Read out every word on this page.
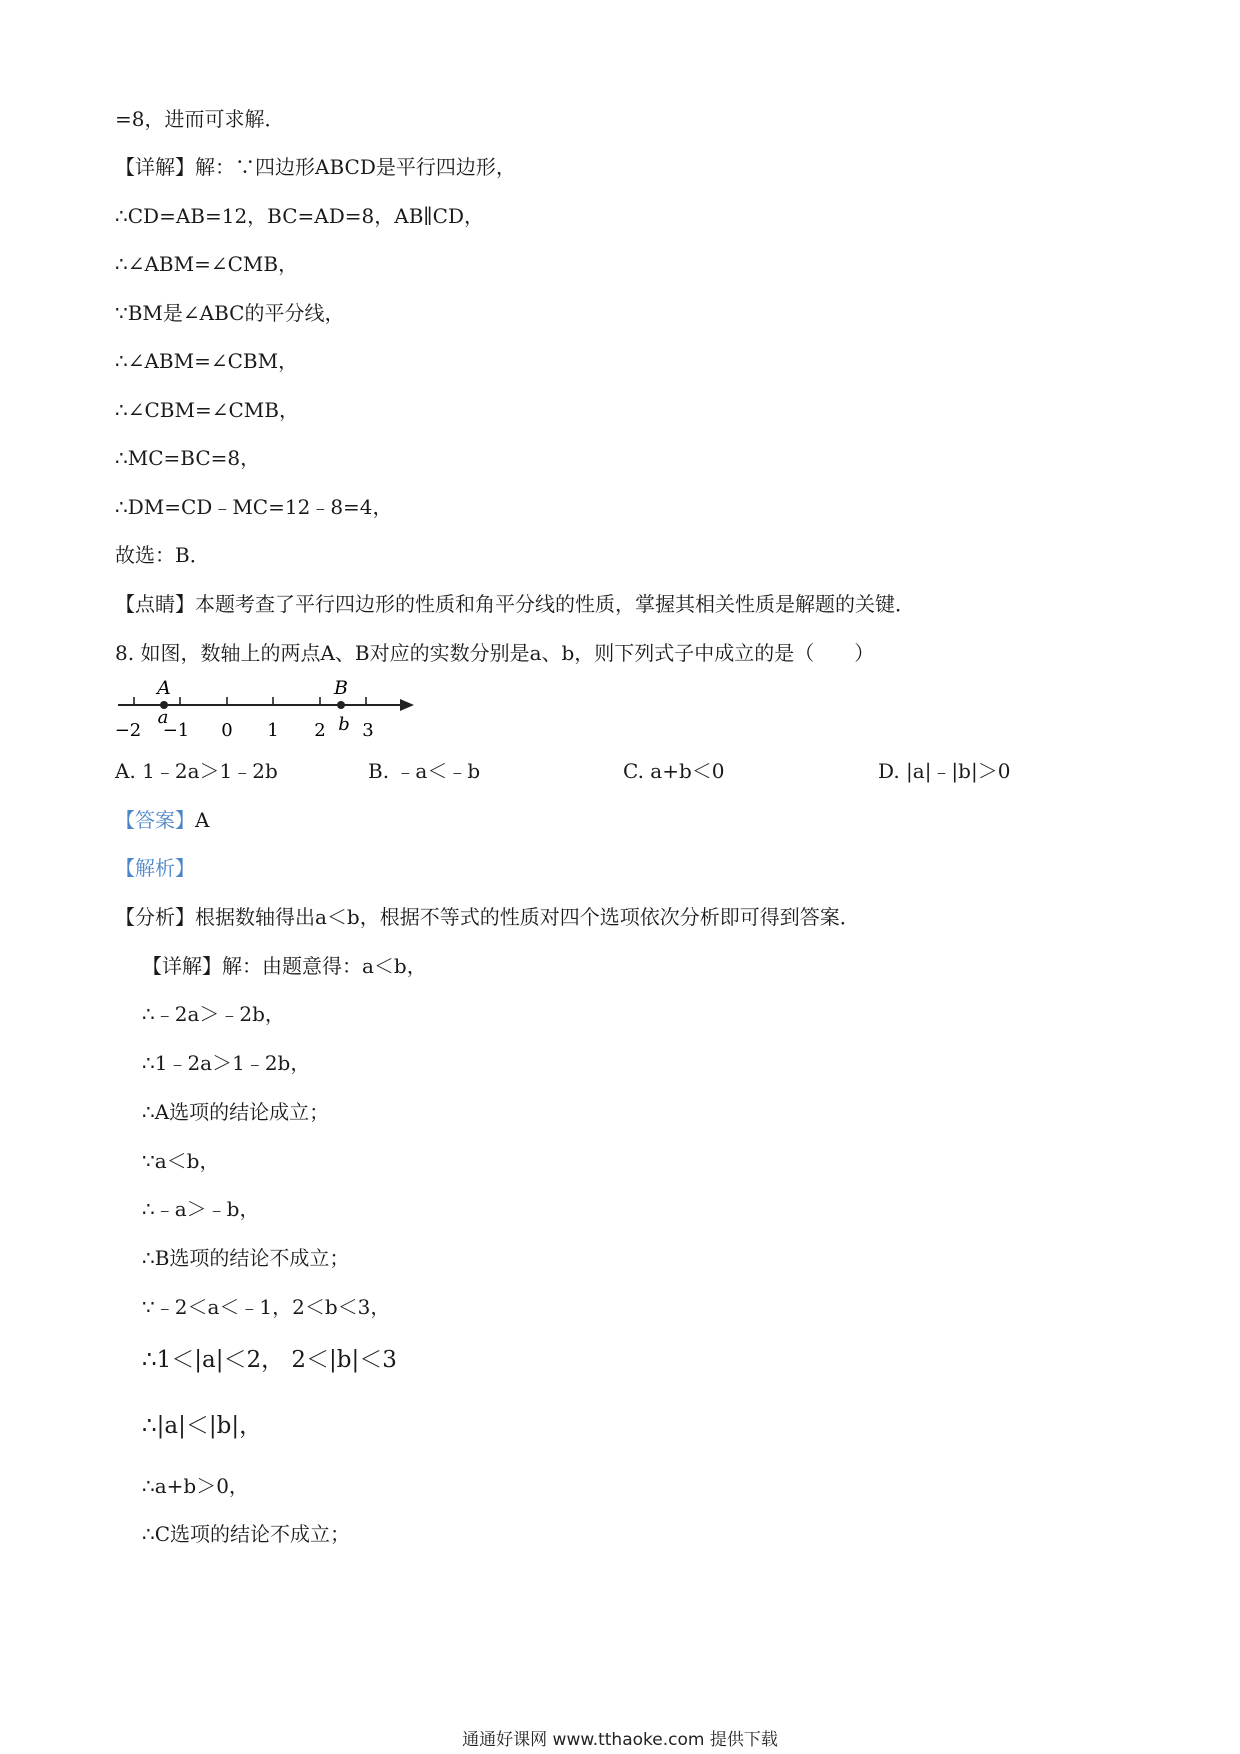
=8，进而可求解．
【详解】解：∵四边形ABCD是平行四边形，
∴CD=AB=12，BC=AD=8，AB∥CD，
∴∠ABM=∠CMB，
∵BM是∠ABC的平分线，
∴∠ABM=∠CBM，
∴∠CBM=∠CMB，
∴MC=BC=8，
∴DM=CD﹣MC=12﹣8=4，
故选：B．
【点睛】本题考查了平行四边形的性质和角平分线的性质，掌握其相关性质是解题的关键．
8. 如图，数轴上的两点A、B对应的实数分别是a、b，则下列式子中成立的是（　　）
A
a
B
b
−2 −1 0 1 2 3
A. 1﹣2a＞1﹣2b	B. ﹣a＜﹣b	C. a+b＜0	D. |a|﹣|b|＞0
【答案】A
【解析】
【分析】根据数轴得出a＜b，根据不等式的性质对四个选项依次分析即可得到答案．
【详解】解：由题意得：a＜b，
∴﹣2a＞﹣2b，
∴1﹣2a＞1﹣2b，
∴A选项的结论成立；
∵a＜b，
∴﹣a＞﹣b，
∴B选项的结论不成立；
∵﹣2＜a＜﹣1，2＜b＜3，
∴1＜|a|＜2， 2＜|b|＜3
∴|a|＜|b|，
∴a+b＞0，
∴C选项的结论不成立；
通通好课网 www.tthaoke.com 提供下载
